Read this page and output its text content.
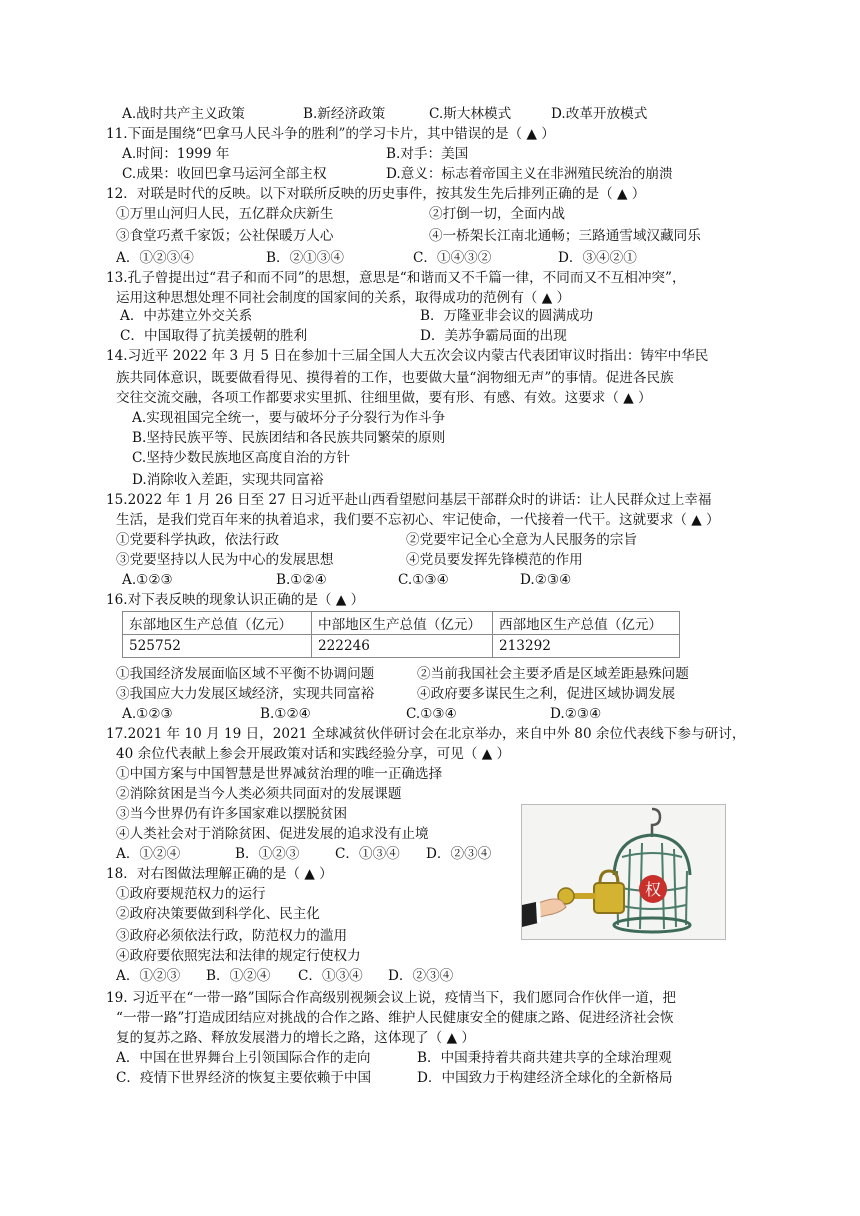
A.战时共产主义政策	B.新经济政策	C.斯大林模式	D.改革开放模式
11.下面是围绕“巴拿马人民斗争的胜利”的学习卡片，其中错误的是（ ▲ ）
A.时间：1999 年	B.对手：美国
C.成果：收回巴拿马运河全部主权	D.意义：标志着帝国主义在非洲殖民统治的崩溃
12．对联是时代的反映。以下对联所反映的历史事件，按其发生先后排列正确的是（ ▲ ）
①万里山河归人民，五亿群众庆新生	②打倒一切，全面内战
③食堂巧煮千家饭；公社保暖万人心	④一桥架长江南北通畅；三路通雪域汉藏同乐
A．①②③④	B．②①③④	C．①④③②	D．③④②①
13.孔子曾提出过“君子和而不同”的思想，意思是“和谐而又不千篇一律，不同而又不互相冲突”，
运用这种思想处理不同社会制度的国家间的关系，取得成功的范例有（ ▲ ）
A．中苏建立外交关系	B．万隆亚非会议的圆满成功
C．中国取得了抗美援朝的胜利	D．美苏争霸局面的出现
14.习近平 2022 年 3 月 5 日在参加十三届全国人大五次会议内蒙古代表团审议时指出：铸牢中华民
族共同体意识，既要做看得见、摸得着的工作，也要做大量“润物细无声”的事情。促进各民族
交往交流交融，各项工作都要求实里抓、往细里做，要有形、有感、有效。这要求（ ▲ ）
A.实现祖国完全统一，要与破坏分子分裂行为作斗争
B.坚持民族平等、民族团结和各民族共同繁荣的原则
C.坚持少数民族地区高度自治的方针
D.消除收入差距，实现共同富裕
15.2022 年 1 月 26 日至 27 日习近平赴山西看望慰问基层干部群众时的讲话：让人民群众过上幸福
生活，是我们党百年来的执着追求，我们要不忘初心、牢记使命，一代接着一代干。这就要求（ ▲ ）
①党要科学执政，依法行政	②党要牢记全心全意为人民服务的宗旨
③党要坚持以人民为中心的发展思想	④党员要发挥先锋模范的作用
A.①②③	B.①②④	C.①③④	D.②③④
16.对下表反映的现象认识正确的是（ ▲ ）
东部地区生产总值（亿元）	中部地区生产总值（亿元）	西部地区生产总值（亿元）
525752	222246	213292
①我国经济发展面临区域不平衡不协调问题	②当前我国社会主要矛盾是区域差距悬殊问题
③我国应大力发展区域经济，实现共同富裕	④政府要多谋民生之利，促进区域协调发展
A.①②③	B.①②④	C.①③④	D.②③④
17.2021 年 10 月 19 日，2021 全球减贫伙伴研讨会在北京举办，来自中外 80 余位代表线下参与研讨，
40 余位代表献上参会开展政策对话和实践经验分享，可见（ ▲ ）
①中国方案与中国智慧是世界减贫治理的唯一正确选择
②消除贫困是当今人类必须共同面对的发展课题
③当今世界仍有许多国家难以摆脱贫困
④人类社会对于消除贫困、促进发展的追求没有止境
A．①②④	B．①②③	C．①③④ D．②③④
权
18．对右图做法理解正确的是（ ▲ ）
①政府要规范权力的运行
②政府决策要做到科学化、民主化
③政府必须依法行政，防范权力的滥用
④政府要依照宪法和法律的规定行使权力
A．①②③ B．①②④ C．①③④ D．②③④
19. 习近平在“一带一路”国际合作高级别视频会议上说，疫情当下，我们愿同合作伙伴一道，把
“一带一路”打造成团结应对挑战的合作之路、维护人民健康安全的健康之路、促进经济社会恢
复的复苏之路、释放发展潜力的增长之路，这体现了（ ▲ ）
A．中国在世界舞台上引领国际合作的走向	B．中国秉持着共商共建共享的全球治理观
C．疫情下世界经济的恢复主要依赖于中国	D．中国致力于构建经济全球化的全新格局
